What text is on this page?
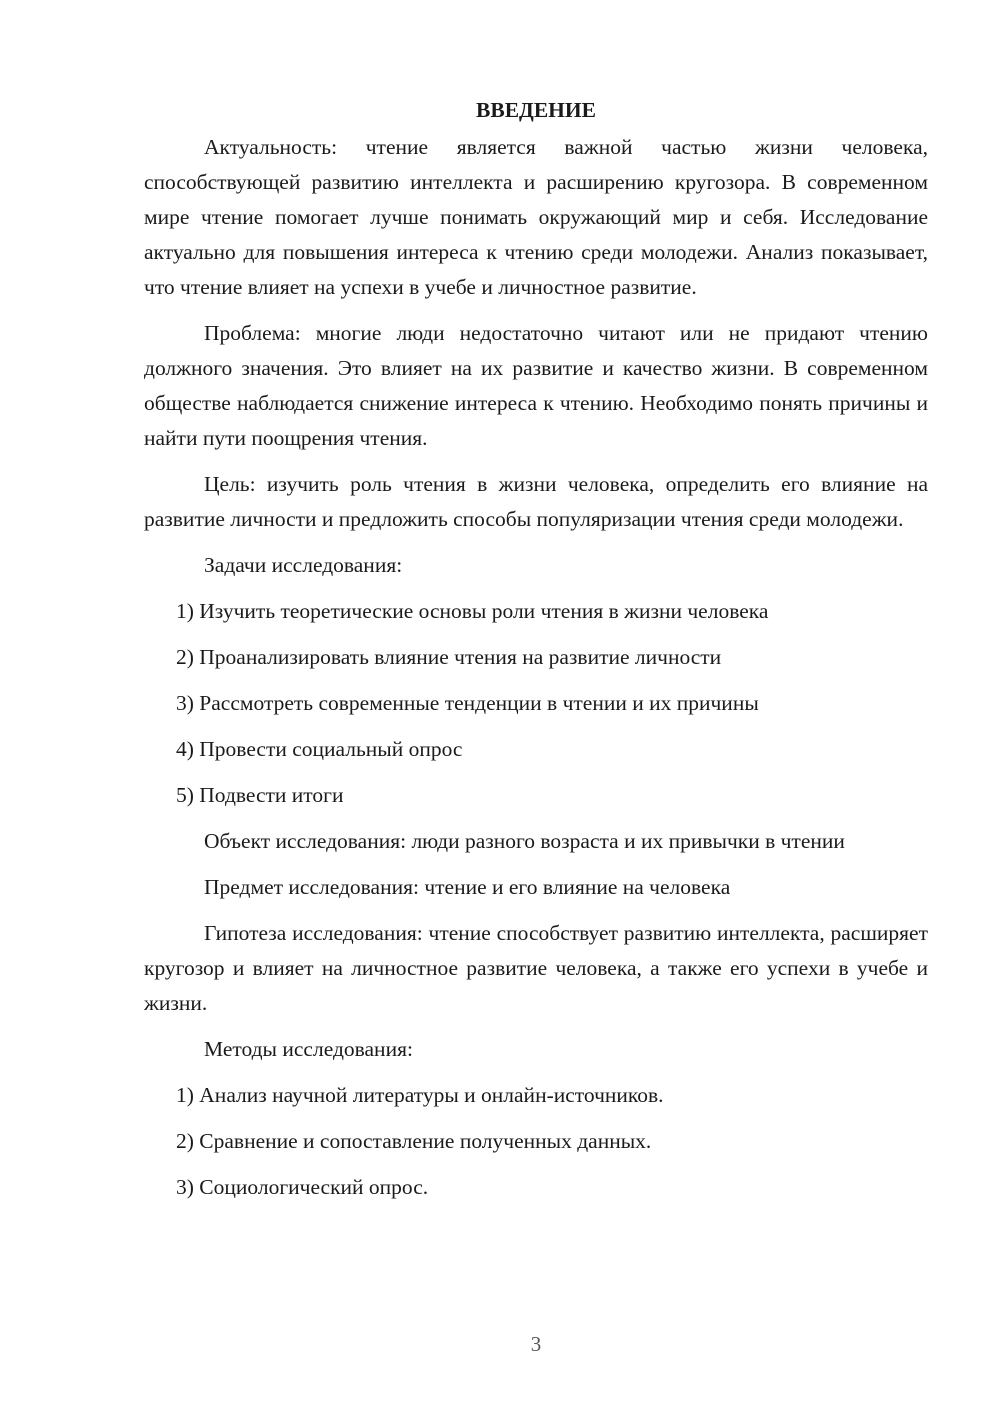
ВВЕДЕНИЕ

Актуальность: чтение является важной частью жизни человека, способствующей развитию интеллекта и расширению кругозора. В современном мире чтение помогает лучше понимать окружающий мир и себя. Исследование актуально для повышения интереса к чтению среди молодежи. Анализ показывает, что чтение влияет на успехи в учебе и личностное развитие.

Проблема: многие люди недостаточно читают или не придают чтению должного значения. Это влияет на их развитие и качество жизни. В современном обществе наблюдается снижение интереса к чтению. Необходимо понять причины и найти пути поощрения чтения.

Цель: изучить роль чтения в жизни человека, определить его влияние на развитие личности и предложить способы популяризации чтения среди молодежи.

Задачи исследования:

1) Изучить теоретические основы роли чтения в жизни человека

2) Проанализировать влияние чтения на развитие личности

3) Рассмотреть современные тенденции в чтении и их причины

4) Провести социальный опрос

5) Подвести итоги

Объект исследования: люди разного возраста и их привычки в чтении

Предмет исследования: чтение и его влияние на человека

Гипотеза исследования: чтение способствует развитию интеллекта, расширяет кругозор и влияет на личностное развитие человека, а также его успехи в учебе и жизни.

Методы исследования:

1) Анализ научной литературы и онлайн-источников.

2) Сравнение и сопоставление полученных данных.

3) Социологический опрос.

3
